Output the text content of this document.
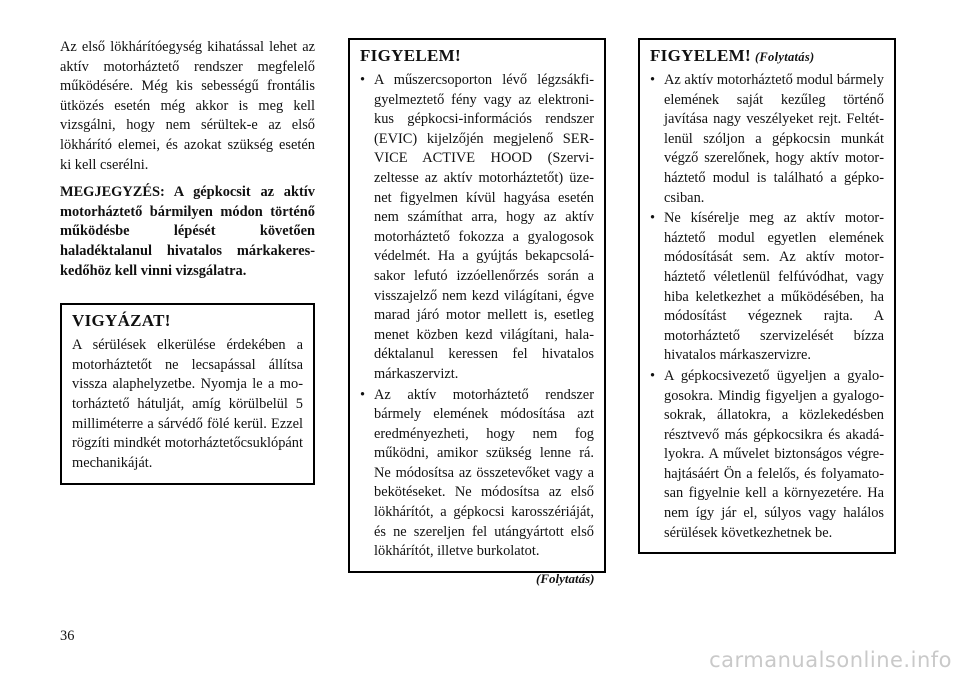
Az első lökhárítóegység kihatással lehet az aktív motorháztető rendszer megfelelő működésére. Még kis sebességű frontális ütközés esetén még akkor is meg kell vizsgálni, hogy nem sérültek-e az első lökhárító elemei, és azokat szükség esetén ki kell cserélni.

MEGJEGYZÉS: A gépkocsit az aktív motorháztető bármilyen módon történő működésbe lépését követően haladéktalanul hivatalos márkakereskedőhöz kell vinni vizsgálatra.

VIGYÁZAT!

A sérülések elkerülése érdekében a motorháztetőt ne lecsapással állítsa vissza alaphelyzetbe. Nyomja le a motorháztető hátulját, amíg körülbelül 5 milliméterre a sárvédő fölé kerül. Ezzel rögzíti mindkét motorháztetőcsuklópánt mechanikáját.

FIGYELEM!
• A műszercsoporton lévő légzsákfigyelmeztető fény vagy az elektronikus gépkocsi-információs rendszer (EVIC) kijelzőjén megjelenő SERVICE ACTIVE HOOD (Szervizeltesse az aktív motorháztetőt) üzenet figyelmen kívül hagyása esetén nem számíthat arra, hogy az aktív motorháztető fokozza a gyalogosok védelmét. Ha a gyújtás bekapcsolásakor lefutó izzóellenőrzés során a visszajelző nem kezd világítani, égve marad járó motor mellett is, esetleg menet közben kezd világítani, haladéktalanul keressen fel hivatalos márkaszervizt.
• Az aktív motorháztető rendszer bármely elemének módosítása azt eredményezheti, hogy nem fog működni, amikor szükség lenne rá. Ne módosítsa az összetevőket vagy a bekötéseket. Ne módosítsa az első lökhárítót, a gépkocsi karosszériáját, és ne szereljen fel utángyártott első lökhárítót, illetve burkolatot.
(Folytatás)
FIGYELEM! (Folytatás)
• Az aktív motorháztető modul bármely elemének saját kezűleg történő javítása nagy veszélyeket rejt. Feltétlenül szóljon a gépkocsin munkát végző szerelőnek, hogy aktív motorháztető modul is található a gépkocsiban.
• Ne kísérelje meg az aktív motorháztető modul egyetlen elemének módosítását sem. Az aktív motorháztető véletlenül felfúvódhat, vagy hiba keletkezhet a működésében, ha módosítást végeznek rajta. A motorháztető szervizelését bízza hivatalos márkaszervizre.
• A gépkocsivezető ügyeljen a gyalogosokra. Mindig figyeljen a gyalogosokrak, állatokra, a közlekedésben résztvevő más gépkocsikra és akadályokra. A művelet biztonságos végrehajtásáért Ön a felelős, és folyamatosan figyelnie kell a környezetére. Ha nem így jár el, súlyos vagy halálos sérülések következhetnek be.
36
carmanualsonline.info
